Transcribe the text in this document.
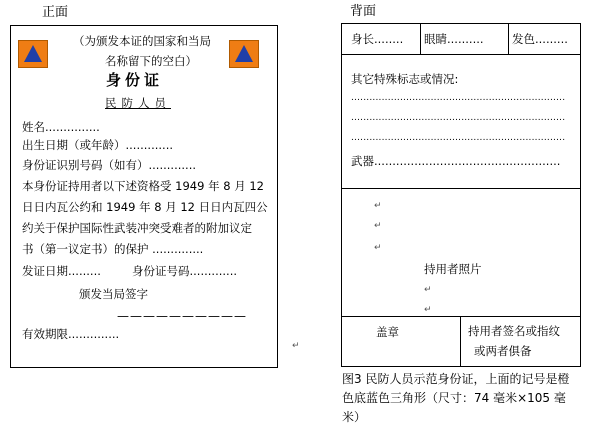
正面
（为颁发本证的国家和当局
名称留下的空白）
身份证
民防人员
姓名...............
出生日期（或年龄）.............
身份证识别号码（如有）.............
本身份证持用者以下述资格受 1949 年 8 月 12
日日内瓦公约和 1949 年 8 月 12 日日内瓦四公
约关于保护国际性武装冲突受难者的附加议定
书（第一议定书）的保护 ..............
发证日期.........	身份证号码.............
颁发当局签字
——————————
有效期限..............
↵
背面
身长........ 眼睛.......... 发色.........
其它特殊标志或情况:
......................................................................
......................................................................
......................................................................
武器...................................................
↵
↵
↵
持用者照片
↵
↵
盖章	持用者签名或指纹
或两者俱备
图3 民防人员示范身份证，上面的记号是橙色底蓝色三角形（尺寸：74 毫米×105 毫米）
